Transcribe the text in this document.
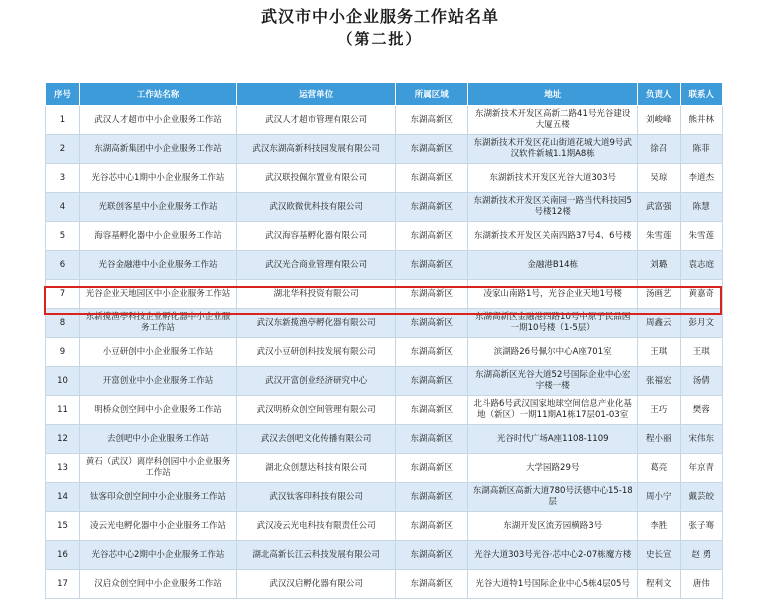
武汉市中小企业服务工作站名单
（第二批）
序号	工作站名称	运营单位	所属区域	地址	负责人	联系人
1	武汉人才超市中小企业服务工作站	武汉人才超市管理有限公司	东湖高新区	东湖新技术开发区高新二路41号光谷建设大厦五楼	刘峻峰	熊井林
2	东湖高新集团中小企业服务工作站	武汉东湖高新科技园发展有限公司	东湖高新区	东湖新技术开发区花山街道花城大道9号武汉软件新城1.1期A8栋	徐召	陈菲
3	光谷芯中心1期中小企业服务工作站	武汉联投佩尔置业有限公司	东湖高新区	东湖新技术开发区光谷大道303号	吴琼	李道杰
4	光联创客星中小企业服务工作站	武汉欧微优科技有限公司	东湖高新区	东湖新技术开发区关南园一路当代科技园5号楼12楼	武富强	陈慧
5	海容基孵化器中小企业服务工作站	武汉海容基孵化器有限公司	东湖高新区	东湖新技术开发区关南四路37号4、6号楼	朱雪莲	朱雪莲
6	光谷金融港中小企业服务工作站	武汉光合商业管理有限公司	东湖高新区	金融港B14栋	刘璐	袁志庭
7	光谷企业天地园区中小企业服务工作站	湖北华科投资有限公司	东湖高新区	凌家山南路1号，光谷企业天地1号楼	汤画艺	黄嘉奇
8	东新揽渔亭科技企业孵化器中小企业服务工作站	武汉东新揽渔亭孵化器有限公司	东湖高新区	东湖高新区金融港四路10号中原子民品园一期10号楼（1-5层）	周鑫云	彭月文
9	小豆研创中小企业服务工作站	武汉小豆研创科技发展有限公司	东湖高新区	滨湖路26号佩尔中心A座701室	王琪	王琪
10	开富创业中小企业服务工作站	武汉开富创业经济研究中心	东湖高新区	东湖高新区光谷大道52号国际企业中心宏宇楼一楼	张福宏	汤倩
11	明桥众创空间中小企业服务工作站	武汉明桥众创空间管理有限公司	东湖高新区	北斗路6号武汉国家地球空间信息产业化基地（新区）一期11期A1栋17层01-03室	王巧	樊蓉
12	去创吧中小企业服务工作站	武汉去创吧文化传播有限公司	东湖高新区	光谷时代广场A座1108-1109	程小丽	宋伟东
13	黄石（武汉）离岸科创园中小企业服务工作站	湖北众创慧达科技有限公司	东湖高新区	大学园路29号	葛亮	年京青
14	钛客印众创空间中小企业服务工作站	武汉钛客印科技有限公司	东湖高新区	东湖高新区高新大道780号沃德中心15-18层	周小宁	戴芸皎
15	凌云光电孵化器中小企业服务工作站	武汉凌云光电科技有限责任公司	东湖高新区	东湖开发区流芳园横路3号	李胜	张子骞
16	光谷芯中心2期中小企业服务工作站	湖北高新长江云科技发展有限公司	东湖高新区	光谷大道303号光谷·芯中心2-07栋魔方楼	史长宣	赵 勇
17	汉启众创空间中小企业服务工作站	武汉汉启孵化器有限公司	东湖高新区	光谷大道特1号国际企业中心5栋4层05号	程利文	唐伟
